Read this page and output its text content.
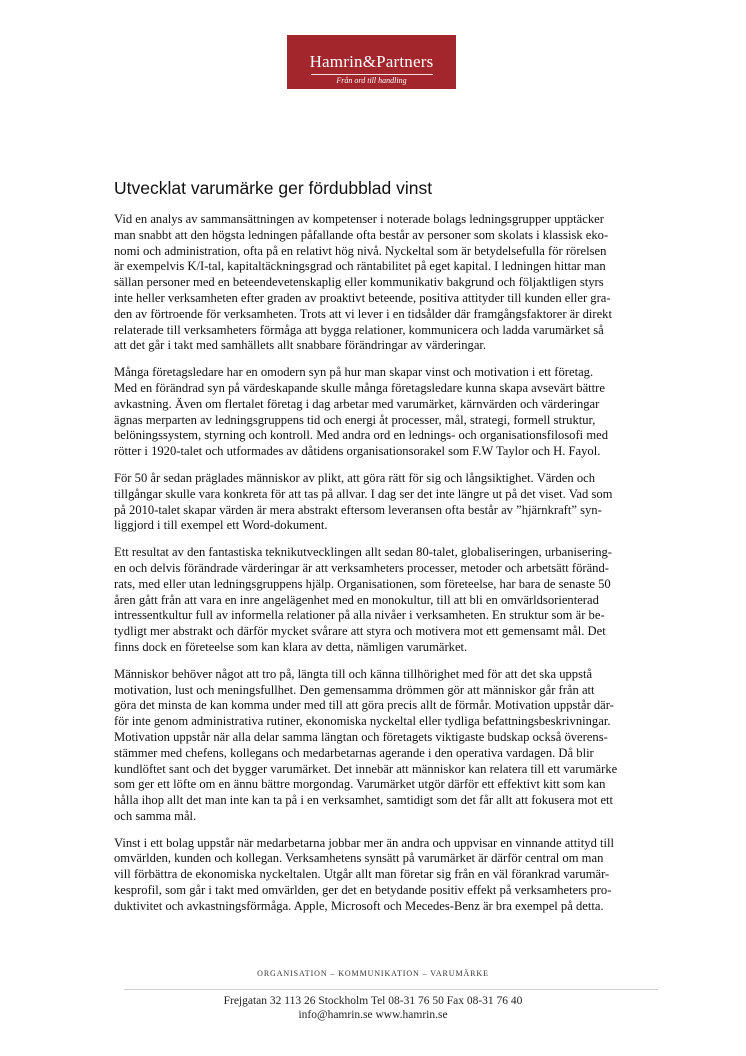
Hamrin&Partners
Från ord till handling
Utvecklat varumärke ger fördubblad vinst

Vid en analys av sammansättningen av kompetenser i noterade bolags ledningsgrupper upptäcker
man snabbt att den högsta ledningen påfallande ofta består av personer som skolats i klassisk eko-
nomi och administration, ofta på en relativt hög nivå. Nyckeltal som är betydelsefulla för rörelsen
är exempelvis K/I-tal, kapitaltäckningsgrad och räntabilitet på eget kapital. I ledningen hittar man
sällan personer med en beteendevetenskaplig eller kommunikativ bakgrund och följaktligen styrs
inte heller verksamheten efter graden av proaktivt beteende, positiva attityder till kunden eller gra-
den av förtroende för verksamheten. Trots att vi lever i en tidsålder där framgångsfaktorer är direkt
relaterade till verksamheters förmåga att bygga relationer, kommunicera och ladda varumärket så
att det går i takt med samhällets allt snabbare förändringar av värderingar.

Många företagsledare har en omodern syn på hur man skapar vinst och motivation i ett företag.
Med en förändrad syn på värdeskapande skulle många företagsledare kunna skapa avsevärt bättre
avkastning. Även om flertalet företag i dag arbetar med varumärket, kärnvärden och värderingar
ägnas merparten av ledningsgruppens tid och energi åt processer, mål, strategi, formell struktur,
belöningssystem, styrning och kontroll. Med andra ord en lednings- och organisationsfilosofi med
rötter i 1920-talet och utformades av dåtidens organisationsorakel som F.W Taylor och H. Fayol.

För 50 år sedan präglades människor av plikt, att göra rätt för sig och långsiktighet. Värden och
tillgångar skulle vara konkreta för att tas på allvar. I dag ser det inte längre ut på det viset. Vad som
på 2010-talet skapar värden är mera abstrakt eftersom leveransen ofta består av ”hjärnkraft” syn-
liggjord i till exempel ett Word-dokument.

Ett resultat av den fantastiska teknikutvecklingen allt sedan 80-talet, globaliseringen, urbanisering-
en och delvis förändrade värderingar är att verksamheters processer, metoder och arbetsätt föränd-
rats, med eller utan ledningsgruppens hjälp. Organisationen, som företeelse, har bara de senaste 50
åren gått från att vara en inre angelägenhet med en monokultur, till att bli en omvärldsorienterad
intressentkultur full av informella relationer på alla nivåer i verksamheten. En struktur som är be-
tydligt mer abstrakt och därför mycket svårare att styra och motivera mot ett gemensamt mål. Det
finns dock en företeelse som kan klara av detta, nämligen varumärket.

Människor behöver något att tro på, längta till och känna tillhörighet med för att det ska uppstå
motivation, lust och meningsfullhet. Den gemensamma drömmen gör att människor går från att
göra det minsta de kan komma under med till att göra precis allt de förmår. Motivation uppstår där-
för inte genom administrativa rutiner, ekonomiska nyckeltal eller tydliga befattningsbeskrivningar.
Motivation uppstår när alla delar samma längtan och företagets viktigaste budskap också överens-
stämmer med chefens, kollegans och medarbetarnas agerande i den operativa vardagen. Då blir
kundlöftet sant och det bygger varumärket. Det innebär att människor kan relatera till ett varumärke
som ger ett löfte om en ännu bättre morgondag. Varumärket utgör därför ett effektivt kitt som kan
hålla ihop allt det man inte kan ta på i en verksamhet, samtidigt som det får allt att fokusera mot ett
och samma mål.

Vinst i ett bolag uppstår när medarbetarna jobbar mer än andra och uppvisar en vinnande attityd till
omvärlden, kunden och kollegan. Verksamhetens synsätt på varumärket är därför central om man
vill förbättra de ekonomiska nyckeltalen. Utgår allt man företar sig från en väl förankrad varumär-
kesprofil, som går i takt med omvärlden, ger det en betydande positiv effekt på verksamheters pro-
duktivitet och avkastningsförmåga. Apple, Microsoft och Mecedes-Benz är bra exempel på detta.

ORGANISATION – KOMMUNIKATION – VARUMÄRKE
Frejgatan 32 113 26 Stockholm Tel 08-31 76 50 Fax 08-31 76 40
info@hamrin.se www.hamrin.se
